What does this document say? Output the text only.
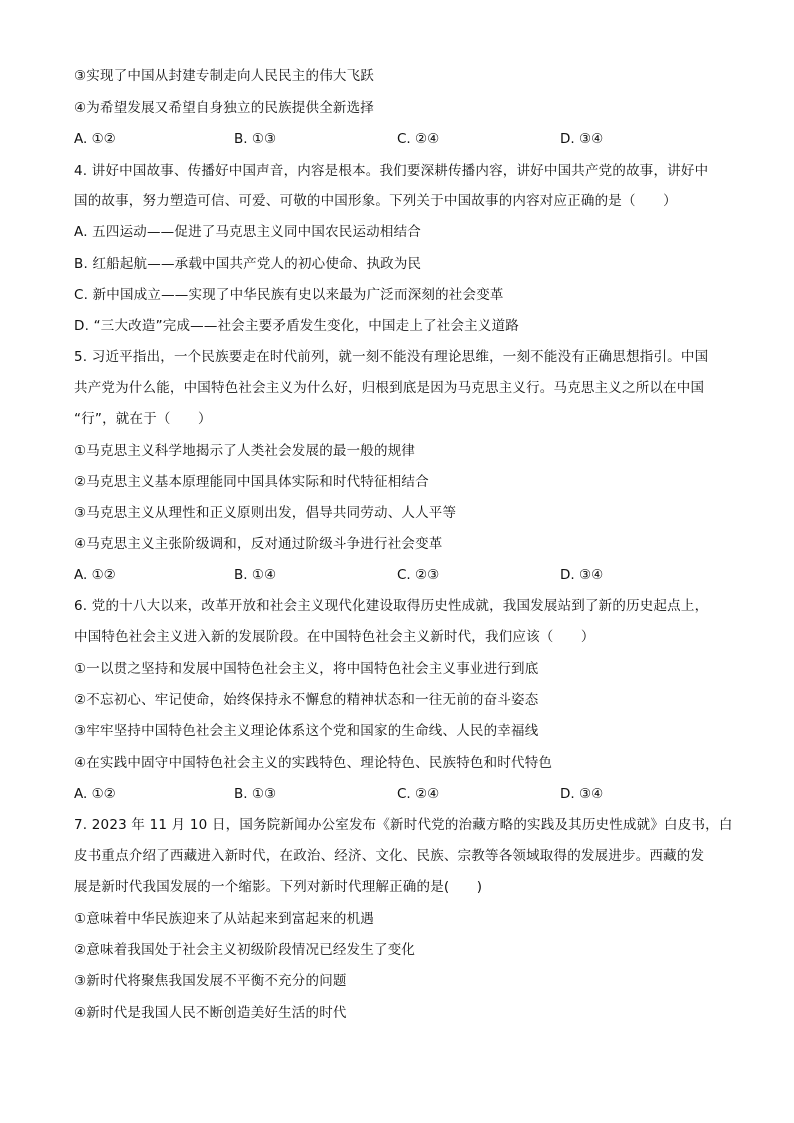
③实现了中国从封建专制走向人民民主的伟大飞跃
④为希望发展又希望自身独立的民族提供全新选择
A. ①②	B. ①③	C. ②④	D. ③④
4. 讲好中国故事、传播好中国声音，内容是根本。我们要深耕传播内容，讲好中国共产党的故事，讲好中
国的故事，努力塑造可信、可爱、可敬的中国形象。下列关于中国故事的内容对应正确的是（　　）
A. 五四运动——促进了马克思主义同中国农民运动相结合
B. 红船起航——承载中国共产党人的初心使命、执政为民
C. 新中国成立——实现了中华民族有史以来最为广泛而深刻的社会变革
D. “三大改造”完成——社会主要矛盾发生变化，中国走上了社会主义道路
5. 习近平指出，一个民族要走在时代前列，就一刻不能没有理论思维，一刻不能没有正确思想指引。中国
共产党为什么能，中国特色社会主义为什么好，归根到底是因为马克思主义行。马克思主义之所以在中国
“行”，就在于（　　）
①马克思主义科学地揭示了人类社会发展的最一般的规律
②马克思主义基本原理能同中国具体实际和时代特征相结合
③马克思主义从理性和正义原则出发，倡导共同劳动、人人平等
④马克思主义主张阶级调和，反对通过阶级斗争进行社会变革
A. ①②	B. ①④	C. ②③	D. ③④
6. 党的十八大以来，改革开放和社会主义现代化建设取得历史性成就，我国发展站到了新的历史起点上，
中国特色社会主义进入新的发展阶段。在中国特色社会主义新时代，我们应该（　　）
①一以贯之坚持和发展中国特色社会主义，将中国特色社会主义事业进行到底
②不忘初心、牢记使命，始终保持永不懈怠的精神状态和一往无前的奋斗姿态
③牢牢坚持中国特色社会主义理论体系这个党和国家的生命线、人民的幸福线
④在实践中固守中国特色社会主义的实践特色、理论特色、民族特色和时代特色
A. ①②	B. ①③	C. ②④	D. ③④
7. 2023 年 11 月 10 日，国务院新闻办公室发布《新时代党的治藏方略的实践及其历史性成就》白皮书，白
皮书重点介绍了西藏进入新时代，在政治、经济、文化、民族、宗教等各领域取得的发展进步。西藏的发
展是新时代我国发展的一个缩影。下列对新时代理解正确的是(　　)
①意味着中华民族迎来了从站起来到富起来的机遇
②意味着我国处于社会主义初级阶段情况已经发生了变化
③新时代将聚焦我国发展不平衡不充分的问题
④新时代是我国人民不断创造美好生活的时代
